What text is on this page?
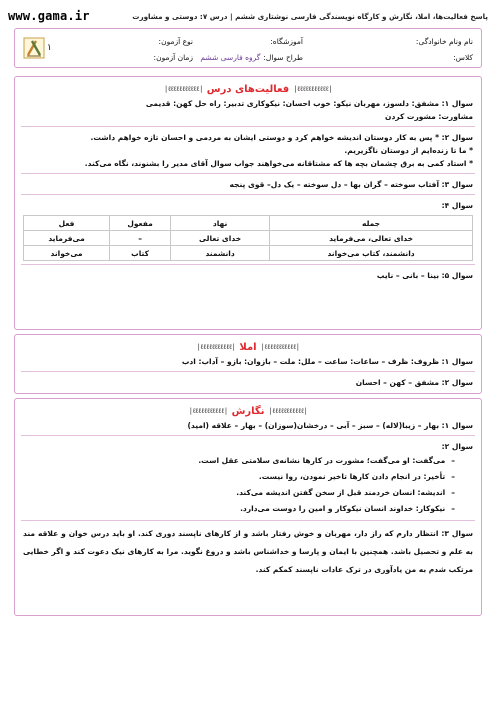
www.gama.ir	پاسخ فعالیت‌ها، املا، نگارش و کارگاه نویسندگی فارسی نوشتاری ششم | درس ۷: دوستی و مشاورت
نام ونام خانوادگی:
آموزشگاه:
نوع آزمون:
کلاس:
طراح سوال:
گروه فارسی ششم
زمان آزمون:
۱
|ℓℓℓℓℓℓℓℓℓℓℓ|
فعالیت‌های درس
|ℓℓℓℓℓℓℓℓℓℓℓ|
سوال ۱: مشفق: دلسوز، مهربان نیکو: خوب احسان: نیکوکاری تدبیر: راه حل کهن: قدیمی
مشاورت: مشورت کردن
سوال ۲: * پس به کار دوستان اندیشه خواهم کرد و دوستی ایشان به مردمی و احسان تازه خواهم داشت.
* ما تا زنده‌ایم از دوستان ناگزیریم.
* استاد کمی به برق چشمان بچه ها که مشتاقانه می‌خواهند جواب سوال آقای مدیر را بشنوند، نگاه می‌کند.
سوال ۳: آفتاب سوخته – گران بها – دل سوخته – یک دل– قوی پنجه
سوال ۴:
جمله	نهاد	مفعول	فعل
خدای تعالی، می‌فرماید	خدای تعالی	–	می‌فرماید
دانشمند، کتاب می‌خواند	دانشمند	کتاب	می‌خواند
سوال ۵: بینا – بانی – نایب
|ℓℓℓℓℓℓℓℓℓℓℓ|
املا
|ℓℓℓℓℓℓℓℓℓℓℓ|
سوال ۱: ظروف: ظرف – ساعات: ساعت – ملل: ملت – بازوان: بازو – آداب: ادب
سوال ۲: مشفق – کهن – احسان
|ℓℓℓℓℓℓℓℓℓℓℓ|
نگارش
|ℓℓℓℓℓℓℓℓℓℓℓ|
سوال ۱: بهار – زیبا(لاله) – سبز – آبی – درخشان(سوزان) – بهار – علاقه (امید)
سوال ۲:
– می‌گفت: او می‌گفت؛ مشورت در کارها نشانه‌ی سلامتی عقل است.
– تأخیر: در انجام دادن کارها تاخیر نمودن، روا نیست.
– اندیشه: انسان خردمند قبل از سخن گفتن اندیشه می‌کند.
– نیکوکار: خداوند انسان نیکوکار و امین را دوست می‌دارد.
سوال ۳: انتظار دارم که راز دار، مهربان و خوش رفتار باشد و از کارهای ناپسند دوری کند. او باید درس خوان و علاقه مند به علم و تحصیل باشد. همچنین با ایمان و پارسا و خداشناس باشد و دروغ نگوید. مرا به کارهای نیک دعوت کند و اگر خطایی مرتکب شدم به من یادآوری در ترک عادات ناپسند کمکم کند.
